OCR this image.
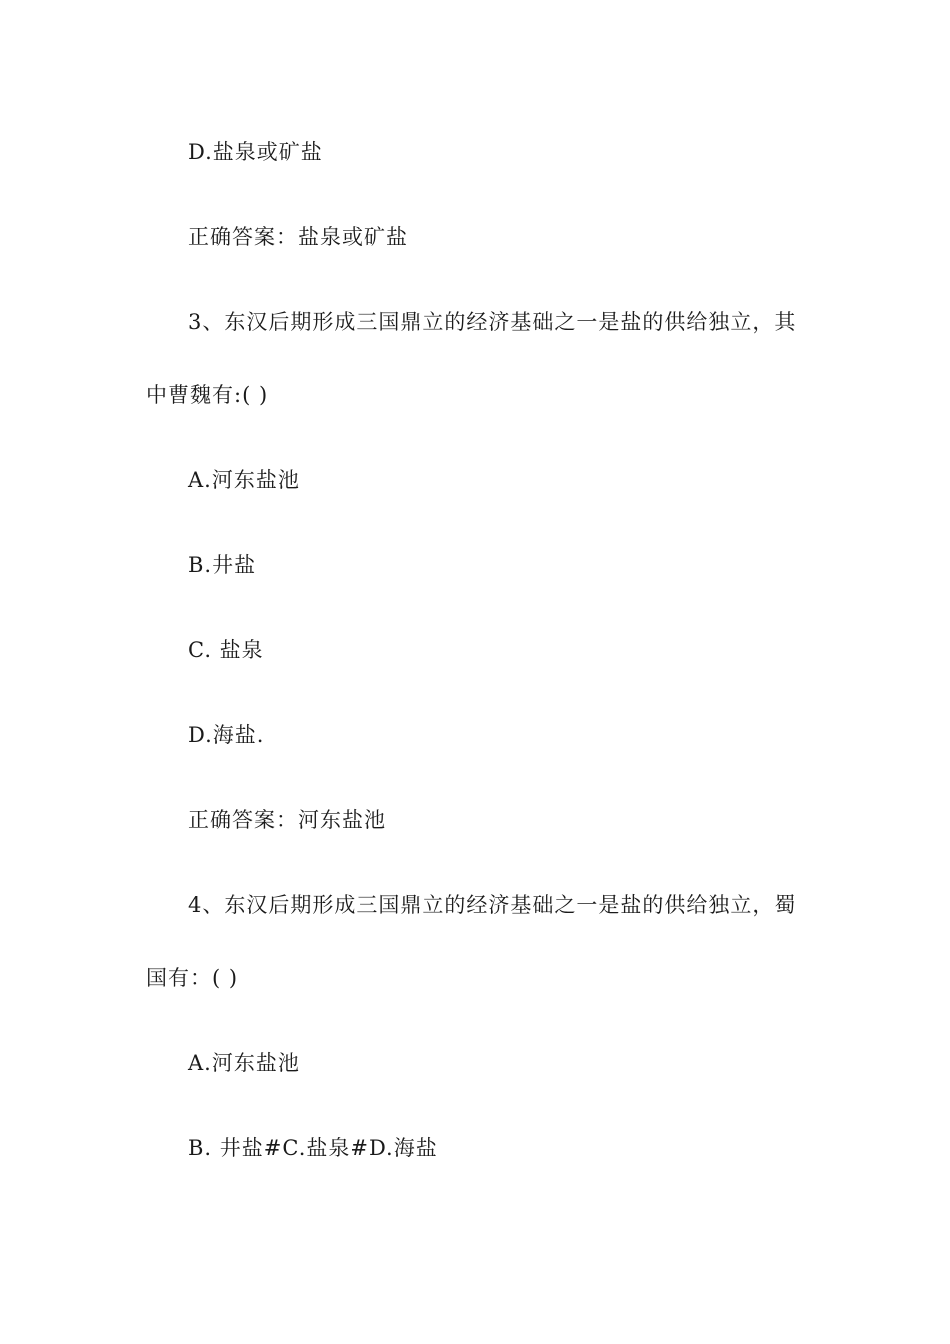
D.盐泉或矿盐
正确答案：盐泉或矿盐
3、东汉后期形成三国鼎立的经济基础之一是盐的供给独立，其
中曹魏有:( )
A.河东盐池
B.井盐
C. 盐泉
D.海盐.
正确答案：河东盐池
4、东汉后期形成三国鼎立的经济基础之一是盐的供给独立，蜀
国有：( )
A.河东盐池
B. 井盐#C.盐泉#D.海盐
